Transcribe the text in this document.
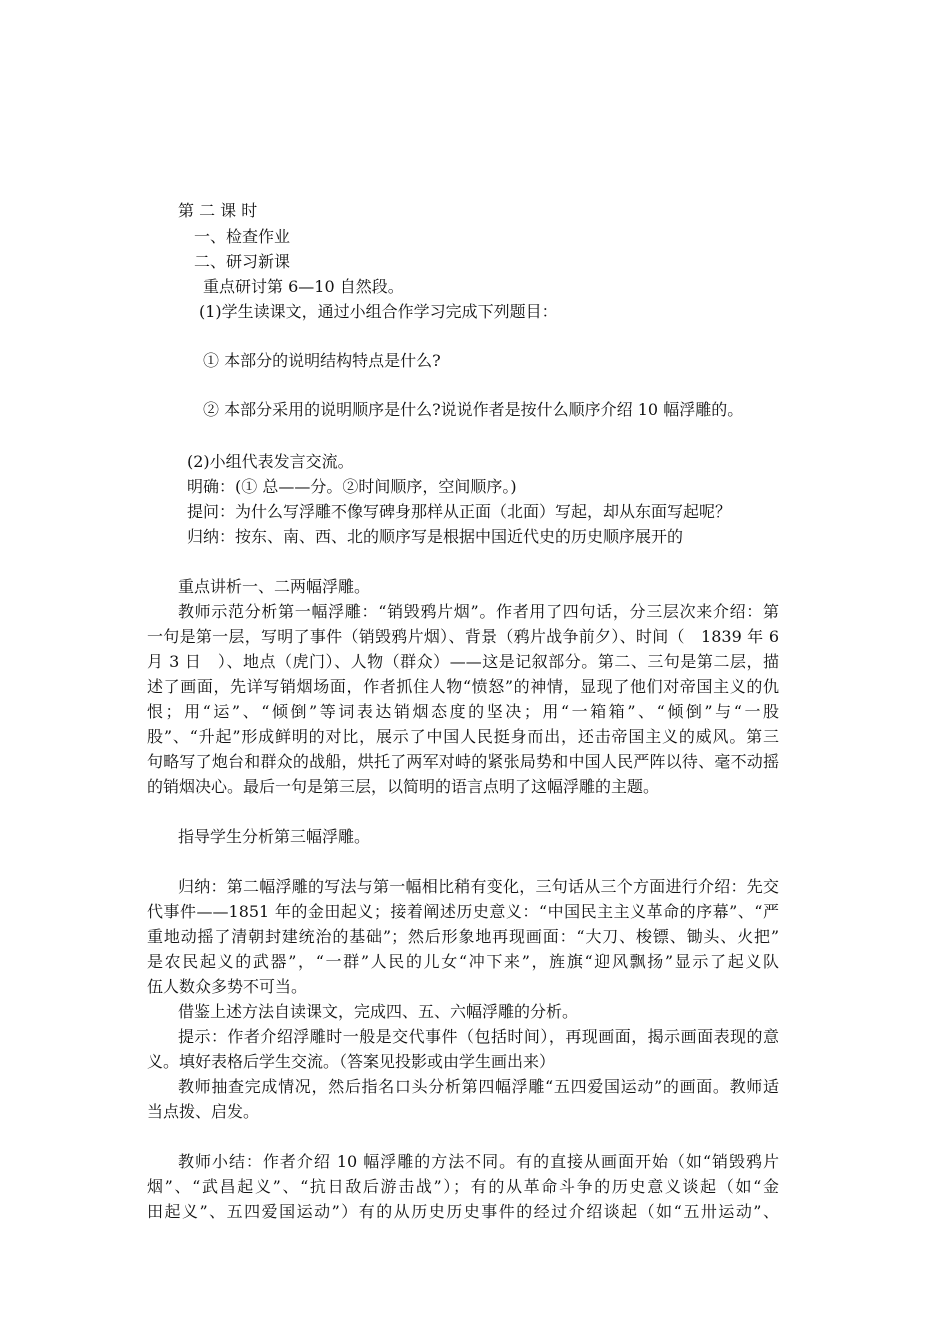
第 二 课 时
一、检查作业
二、研习新课
重点研讨第 6—10 自然段。
(1)学生读课文，通过小组合作学习完成下列题目：
① 本部分的说明结构特点是什么?
② 本部分采用的说明顺序是什么?说说作者是按什么顺序介绍 10 幅浮雕的。
(2)小组代表发言交流。
明确：(① 总——分。②时间顺序，空间顺序。)
提问：为什么写浮雕不像写碑身那样从正面（北面）写起，却从东面写起呢？
归纳：按东、南、西、北的顺序写是根据中国近代史的历史顺序展开的
重点讲析一、二两幅浮雕。
教师示范分析第一幅浮雕：“销毁鸦片烟”。作者用了四句话，分三层次来介绍：第
一句是第一层，写明了事件（销毁鸦片烟）、背景（鸦片战争前夕）、时间（　1839 年 6
月 3 日　）、地点（虎门）、人物（群众）——这是记叙部分。第二、三句是第二层，描
述了画面，先详写销烟场面，作者抓住人物“愤怒”的神情，显现了他们对帝国主义的仇
恨；用“运”、“倾倒”等词表达销烟态度的坚决；用“一箱箱”、“倾倒”与“一股
股”、“升起”形成鲜明的对比，展示了中国人民挺身而出，还击帝国主义的威风。第三
句略写了炮台和群众的战船，烘托了两军对峙的紧张局势和中国人民严阵以待、毫不动摇
的销烟决心。最后一句是第三层，以简明的语言点明了这幅浮雕的主题。
指导学生分析第三幅浮雕。
归纳：第二幅浮雕的写法与第一幅相比稍有变化，三句话从三个方面进行介绍：先交
代事件——1851 年的金田起义；接着阐述历史意义：“中国民主主义革命的序幕”、“严
重地动摇了清朝封建统治的基础”；然后形象地再现画面：“大刀、梭镖、锄头、火把”
是农民起义的武器”，“一群”人民的儿女“冲下来”，旌旗“迎风飘扬”显示了起义队
伍人数众多势不可当。
借鉴上述方法自读课文，完成四、五、六幅浮雕的分析。
提示：作者介绍浮雕时一般是交代事件（包括时间），再现画面，揭示画面表现的意
义。填好表格后学生交流。（答案见投影或由学生画出来）
教师抽查完成情况，然后指名口头分析第四幅浮雕“五四爱国运动”的画面。教师适
当点拨、启发。
教师小结：作者介绍 10 幅浮雕的方法不同。有的直接从画面开始（如“销毁鸦片
烟”、“武昌起义”、“抗日敌后游击战”）；有的从革命斗争的历史意义谈起（如“金
田起义”、五四爱国运动”）有的从历史历史事件的经过介绍谈起（如“五卅运动”、
